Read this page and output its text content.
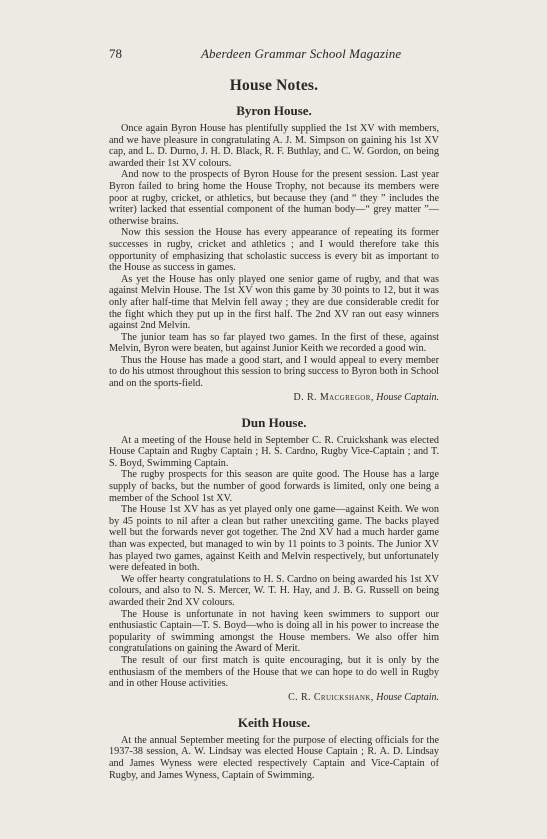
78	Aberdeen Grammar School Magazine
House Notes.
Byron House.

Once again Byron House has plentifully supplied the 1st XV with members, and we have pleasure in congratulating A. J. M. Simpson on gaining his 1st XV cap, and L. D. Durno, J. H. D. Black, R. F. Buthlay, and C. W. Gordon, on being awarded their 1st XV colours.

And now to the prospects of Byron House for the present session. Last year Byron failed to bring home the House Trophy, not because its members were poor at rugby, cricket, or athletics, but because they (and “ they ” includes the writer) lacked that essential component of the human body—“ grey matter ”—otherwise brains.

Now this session the House has every appearance of repeating its former successes in rugby, cricket and athletics ; and I would therefore take this opportunity of emphasizing that scholastic success is every bit as important to the House as success in games.

As yet the House has only played one senior game of rugby, and that was against Melvin House. The 1st XV won this game by 30 points to 12, but it was only after half-time that Melvin fell away ; they are due considerable credit for the fight which they put up in the first half. The 2nd XV ran out easy winners against 2nd Melvin.

The junior team has so far played two games. In the first of these, against Melvin, Byron were beaten, but against Junior Keith we recorded a good win.

Thus the House has made a good start, and I would appeal to every member to do his utmost throughout this session to bring success to Byron both in School and on the sports-field.

D. R. Macgregor, House Captain.
Dun House.

At a meeting of the House held in September C. R. Cruickshank was elected House Captain and Rugby Captain ; H. S. Cardno, Rugby Vice-Captain ; and T. S. Boyd, Swimming Captain.

The rugby prospects for this season are quite good. The House has a large supply of backs, but the number of good forwards is limited, only one being a member of the School 1st XV.

The House 1st XV has as yet played only one game—against Keith. We won by 45 points to nil after a clean but rather unexciting game. The backs played well but the forwards never got together. The 2nd XV had a much harder game than was expected, but managed to win by 11 points to 3 points. The Junior XV has played two games, against Keith and Melvin respectively, but unfortunately were defeated in both.

We offer hearty congratulations to H. S. Cardno on being awarded his 1st XV colours, and also to N. S. Mercer, W. T. H. Hay, and J. B. G. Russell on being awarded their 2nd XV colours.

The House is unfortunate in not having keen swimmers to support our enthusiastic Captain—T. S. Boyd—who is doing all in his power to increase the popularity of swimming amongst the House members. We also offer him congratulations on gaining the Award of Merit.

The result of our first match is quite encouraging, but it is only by the enthusiasm of the members of the House that we can hope to do well in Rugby and in other House activities.

C. R. Cruickshank, House Captain.
Keith House.

At the annual September meeting for the purpose of electing officials for the 1937-38 session, A. W. Lindsay was elected House Captain ; R. A. D. Lindsay and James Wyness were elected respectively Captain and Vice-Captain of Rugby, and James Wyness, Captain of Swimming.
